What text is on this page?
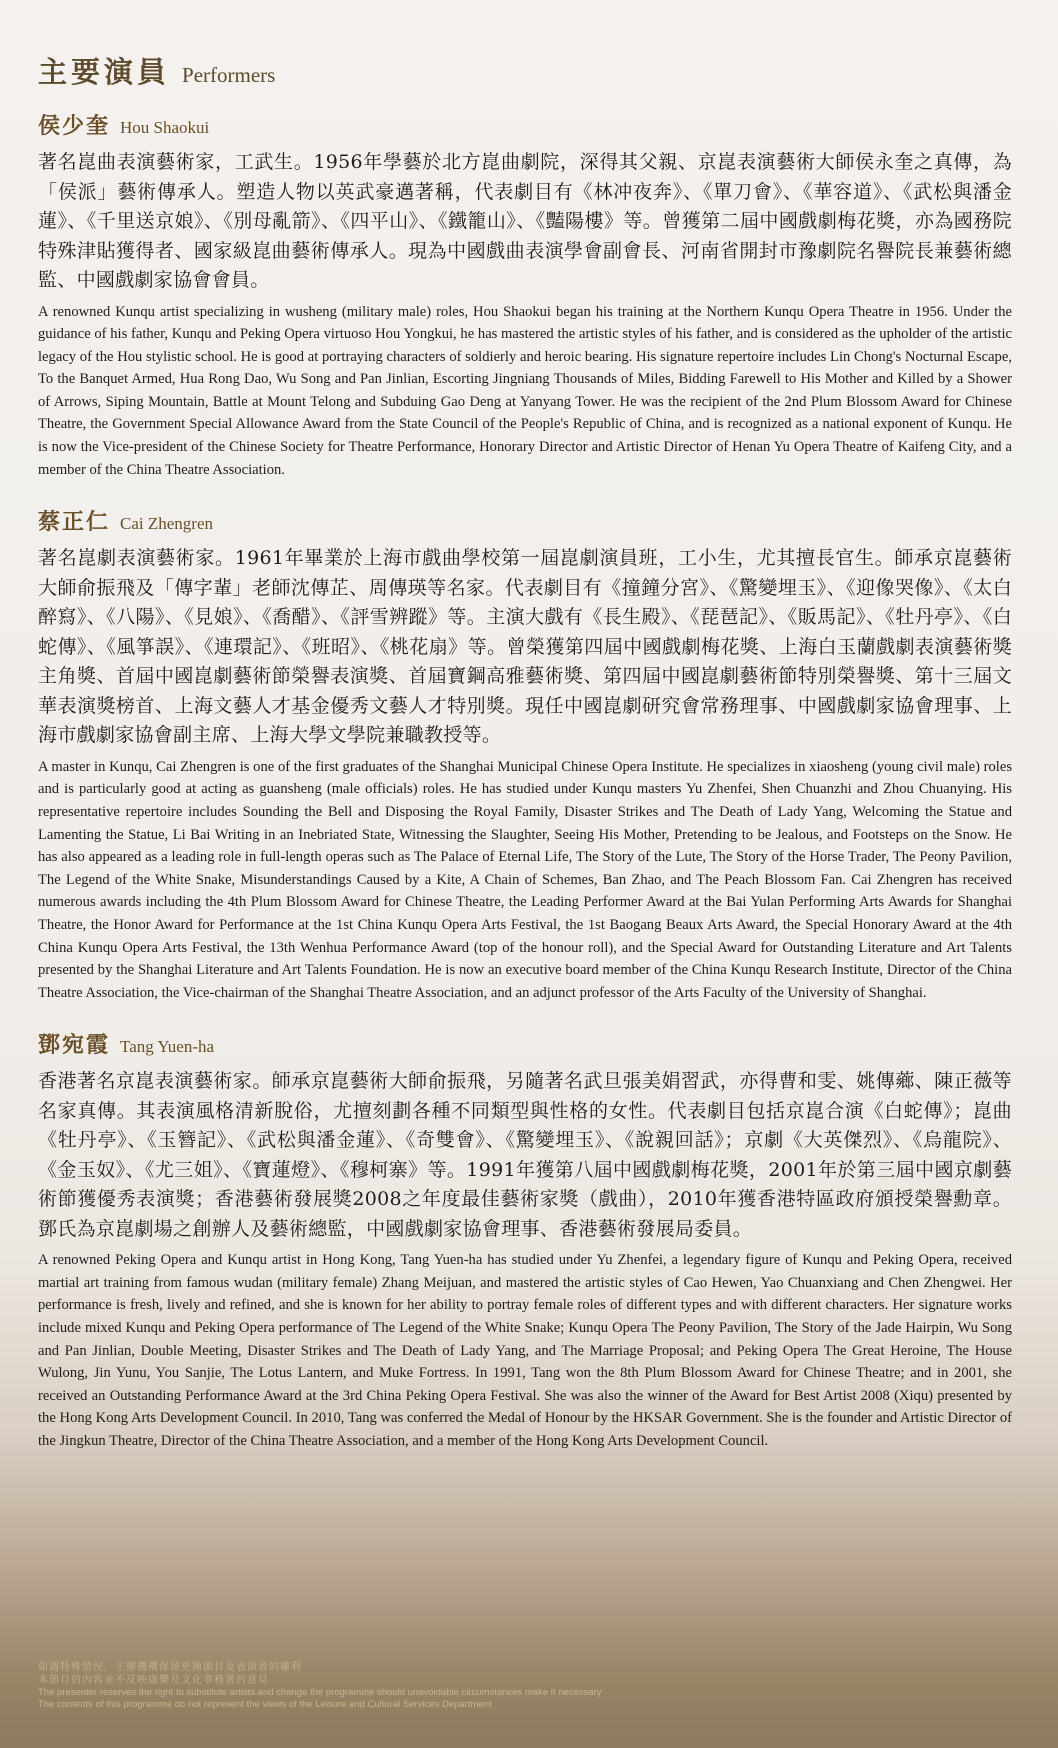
主要演員 Performers
侯少奎 Hou Shaokui

著名崑曲表演藝術家，工武生。1956年學藝於北方崑曲劇院，深得其父親、京崑表演藝術大師侯永奎之真傳，為「侯派」藝術傳承人。塑造人物以英武豪邁著稱，代表劇目有《林冲夜奔》、《單刀會》、《華容道》、《武松與潘金蓮》、《千里送京娘》、《別母亂箭》、《四平山》、《鐵籠山》、《豔陽樓》等。曾獲第二屆中國戲劇梅花獎，亦為國務院特殊津貼獲得者、國家級崑曲藝術傳承人。現為中國戲曲表演學會副會長、河南省開封市豫劇院名譽院長兼藝術總監、中國戲劇家協會會員。

A renowned Kunqu artist specializing in wusheng (military male) roles, Hou Shaokui began his training at the Northern Kunqu Opera Theatre in 1956. Under the guidance of his father, Kunqu and Peking Opera virtuoso Hou Yongkui, he has mastered the artistic styles of his father, and is considered as the upholder of the artistic legacy of the Hou stylistic school. He is good at portraying characters of soldierly and heroic bearing. His signature repertoire includes Lin Chong's Nocturnal Escape, To the Banquet Armed, Hua Rong Dao, Wu Song and Pan Jinlian, Escorting Jingniang Thousands of Miles, Bidding Farewell to His Mother and Killed by a Shower of Arrows, Siping Mountain, Battle at Mount Telong and Subduing Gao Deng at Yanyang Tower. He was the recipient of the 2nd Plum Blossom Award for Chinese Theatre, the Government Special Allowance Award from the State Council of the People's Republic of China, and is recognized as a national exponent of Kunqu. He is now the Vice-president of the Chinese Society for Theatre Performance, Honorary Director and Artistic Director of Henan Yu Opera Theatre of Kaifeng City, and a member of the China Theatre Association.

蔡正仁 Cai Zhengren

著名崑劇表演藝術家。1961年畢業於上海市戲曲學校第一屆崑劇演員班，工小生，尤其擅長官生。師承京崑藝術大師俞振飛及「傳字輩」老師沈傳芷、周傳瑛等名家。代表劇目有《撞鐘分宮》、《驚變埋玉》、《迎像哭像》、《太白醉寫》、《八陽》、《見娘》、《喬醋》、《評雪辨蹤》等。主演大戲有《長生殿》、《琵琶記》、《販馬記》、《牡丹亭》、《白蛇傳》、《風箏誤》、《連環記》、《班昭》、《桃花扇》等。曾榮獲第四屆中國戲劇梅花獎、上海白玉蘭戲劇表演藝術獎主角獎、首屆中國崑劇藝術節榮譽表演獎、首屆寶鋼高雅藝術獎、第四屆中國崑劇藝術節特別榮譽獎、第十三屆文華表演獎榜首、上海文藝人才基金優秀文藝人才特別獎。現任中國崑劇研究會常務理事、中國戲劇家協會理事、上海市戲劇家協會副主席、上海大學文學院兼職教授等。

A master in Kunqu, Cai Zhengren is one of the first graduates of the Shanghai Municipal Chinese Opera Institute. He specializes in xiaosheng (young civil male) roles and is particularly good at acting as guansheng (male officials) roles. He has studied under Kunqu masters Yu Zhenfei, Shen Chuanzhi and Zhou Chuanying. His representative repertoire includes Sounding the Bell and Disposing the Royal Family, Disaster Strikes and The Death of Lady Yang, Welcoming the Statue and Lamenting the Statue, Li Bai Writing in an Inebriated State, Witnessing the Slaughter, Seeing His Mother, Pretending to be Jealous, and Footsteps on the Snow. He has also appeared as a leading role in full-length operas such as The Palace of Eternal Life, The Story of the Lute, The Story of the Horse Trader, The Peony Pavilion, The Legend of the White Snake, Misunderstandings Caused by a Kite, A Chain of Schemes, Ban Zhao, and The Peach Blossom Fan. Cai Zhengren has received numerous awards including the 4th Plum Blossom Award for Chinese Theatre, the Leading Performer Award at the Bai Yulan Performing Arts Awards for Shanghai Theatre, the Honor Award for Performance at the 1st China Kunqu Opera Arts Festival, the 1st Baogang Beaux Arts Award, the Special Honorary Award at the 4th China Kunqu Opera Arts Festival, the 13th Wenhua Performance Award (top of the honour roll), and the Special Award for Outstanding Literature and Art Talents presented by the Shanghai Literature and Art Talents Foundation. He is now an executive board member of the China Kunqu Research Institute, Director of the China Theatre Association, the Vice-chairman of the Shanghai Theatre Association, and an adjunct professor of the Arts Faculty of the University of Shanghai.

鄧宛霞 Tang Yuen-ha

香港著名京崑表演藝術家。師承京崑藝術大師俞振飛，另隨著名武旦張美娟習武，亦得曹和雯、姚傳薌、陳正薇等名家真傳。其表演風格清新脫俗，尤擅刻劃各種不同類型與性格的女性。代表劇目包括京崑合演《白蛇傳》；崑曲《牡丹亭》、《玉簪記》、《武松與潘金蓮》、《奇雙會》、《驚變埋玉》、《說親回話》；京劇《大英傑烈》、《烏龍院》、《金玉奴》、《尤三姐》、《寶蓮燈》、《穆柯寨》等。1991年獲第八屆中國戲劇梅花獎，2001年於第三屆中國京劇藝術節獲優秀表演獎；香港藝術發展獎2008之年度最佳藝術家獎（戲曲），2010年獲香港特區政府頒授榮譽勳章。鄧氏為京崑劇場之創辦人及藝術總監，中國戲劇家協會理事、香港藝術發展局委員。

A renowned Peking Opera and Kunqu artist in Hong Kong, Tang Yuen-ha has studied under Yu Zhenfei, a legendary figure of Kunqu and Peking Opera, received martial art training from famous wudan (military female) Zhang Meijuan, and mastered the artistic styles of Cao Hewen, Yao Chuanxiang and Chen Zhengwei. Her performance is fresh, lively and refined, and she is known for her ability to portray female roles of different types and with different characters. Her signature works include mixed Kunqu and Peking Opera performance of The Legend of the White Snake; Kunqu Opera The Peony Pavilion, The Story of the Jade Hairpin, Wu Song and Pan Jinlian, Double Meeting, Disaster Strikes and The Death of Lady Yang, and The Marriage Proposal; and Peking Opera The Great Heroine, The House Wulong, Jin Yunu, You Sanjie, The Lotus Lantern, and Muke Fortress. In 1991, Tang won the 8th Plum Blossom Award for Chinese Theatre; and in 2001, she received an Outstanding Performance Award at the 3rd China Peking Opera Festival. She was also the winner of the Award for Best Artist 2008 (Xiqu) presented by the Hong Kong Arts Development Council. In 2010, Tang was conferred the Medal of Honour by the HKSAR Government. She is the founder and Artistic Director of the Jingkun Theatre, Director of the China Theatre Association, and a member of the Hong Kong Arts Development Council.

如遇特殊情況，主辦機構保留更換節目及表演者的權利
本節目的內容並不反映康樂及文化事務署的意見
The presenter reserves the right to substitute artists and change the programme should unavoidable circumstances make it necessary
The contents of this programme do not represent the views of the Leisure and Cultural Services Department
